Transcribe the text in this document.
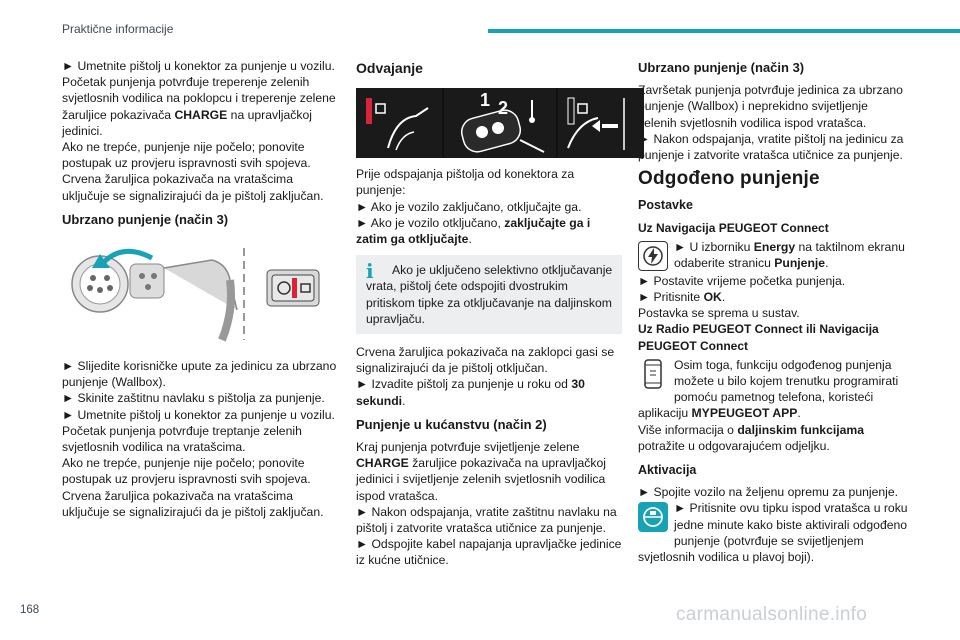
Praktične informacije

► Umetnite pištolj u konektor za punjenje u vozilu.

Početak punjenja potvrđuje treperenje zelenih svjetlosnih vodilica na poklopcu i treperenje zelene žaruljice pokazivača CHARGE na upravljačkoj jedinici.

Ako ne trepće, punjenje nije počelo; ponovite postupak uz provjeru ispravnosti svih spojeva.

Crvena žaruljica pokazivača na vratašcima uključuje se signalizirajući da je pištolj zaključan.

Ubrzano punjenje (način 3)

► Slijedite korisničke upute za jedinicu za ubrzano punjenje (Wallbox).

► Skinite zaštitnu navlaku s pištolja za punjenje.

► Umetnite pištolj u konektor za punjenje u vozilu.

Početak punjenja potvrđuje treptanje zelenih svjetlosnih vodilica na vratašcima.

Ako ne trepće, punjenje nije počelo; ponovite postupak uz provjeru ispravnosti svih spojeva.

Crvena žaruljica pokazivača na vratašcima uključuje se signalizirajući da je pištolj zaključan.

Odvajanje
1 2

Prije odspajanja pištolja od konektora za punjenje:

► Ako je vozilo zaključano, otključajte ga.

► Ako je vozilo otključano, zaključajte ga i zatim ga otključajte.

i	Ako je uključeno selektivno otključavanje vrata, pištolj ćete odspojiti dvostrukim pritiskom tipke za otključavanje na daljinskom upravljaču.

Crvena žaruljica pokazivača na zaklopci gasi se signalizirajući da je pištolj otključan.

► Izvadite pištolj za punjenje u roku od 30 sekundi.

Punjenje u kućanstvu (način 2)

Kraj punjenja potvrđuje svijetljenje zelene CHARGE žaruljice pokazivača na upravljačkoj jedinici i svijetljenje zelenih svjetlosnih vodilica ispod vratašca.

► Nakon odspajanja, vratite zaštitnu navlaku na pištolj i zatvorite vratašca utičnice za punjenje.

► Odspojite kabel napajanja upravljačke jedinice iz kućne utičnice.

Ubrzano punjenje (način 3)

Završetak punjenja potvrđuje jedinica za ubrzano punjenje (Wallbox) i neprekidno svijetljenje zelenih svjetlosnih vodilica ispod vratašca.

► Nakon odspajanja, vratite pištolj na jedinicu za punjenje i zatvorite vratašca utičnice za punjenje.

Odgođeno punjenje
Postavke
Uz Navigacija PEUGEOT Connect

► U izborniku Energy na taktilnom ekranu odaberite stranicu Punjenje.

► Postavite vrijeme početka punjenja.

► Pritisnite OK.

Postavka se sprema u sustav.

Uz Radio PEUGEOT Connect ili Navigacija PEUGEOT Connect

Osim toga, funkciju odgođenog punjenja možete u bilo kojem trenutku programirati pomoću pametnog telefona, koristeći aplikaciju MYPEUGEOT APP.

Više informacija o daljinskim funkcijama potražite u odgovarajućem odjeljku.

Aktivacija

► Spojite vozilo na željenu opremu za punjenje.

► Pritisnite ovu tipku ispod vratašca u roku jedne minute kako biste aktivirali odgođeno punjenje (potvrđuje se svijetljenjem svjetlosnih vodilica u plavoj boji).

168	carmanualsonline.info
